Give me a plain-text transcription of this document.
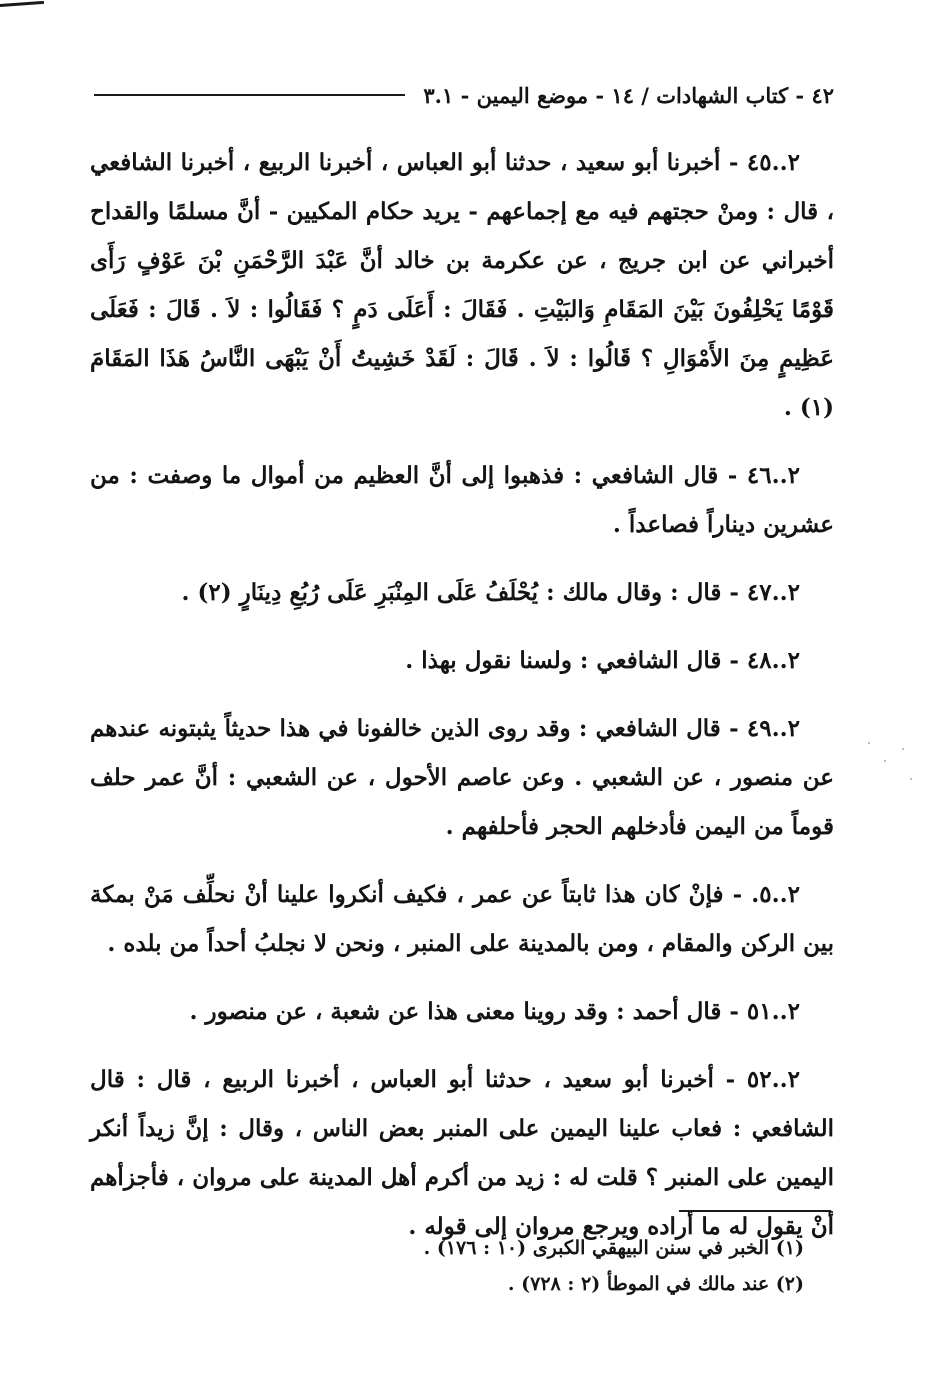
٤٢ - كتاب الشهادات / ١٤ - موضع اليمين - ٣.١

٢..٤٥ - أخبرنا أبو سعيد ، حدثنا أبو العباس ، أخبرنا الربيع ، أخبرنا الشافعي ، قال : ومنْ حجتهم فيه مع إجماعهم - يريد حكام المكيين - أنَّ مسلمًا والقداح أخبراني عن ابن جريج ، عن عكرمة بن خالد أنَّ عَبْدَ الرَّحْمَنِ بْنَ عَوْفٍ رَأَى قَوْمًا يَحْلِفُونَ بَيْنَ المَقَامِ وَالبَيْتِ . فَقَالَ : أَعَلَى دَمٍ ؟ فَقَالُوا : لاَ . قَالَ : فَعَلَى عَظِيمٍ مِنَ الأَمْوَالِ ؟ قَالُوا : لاَ . قَالَ : لَقَدْ خَشِيتُ أَنْ يَبْهَى النَّاسُ هَذَا المَقَامَ (١) .

٢..٤٦ - قال الشافعي : فذهبوا إلى أنَّ العظيم من أموال ما وصفت : من عشرين ديناراً فصاعداً .

٢..٤٧ - قال : وقال مالك : يُحْلَفُ عَلَى المِنْبَرِ عَلَى رُبُعِ دِينَارٍ (٢) .

٢..٤٨ - قال الشافعي : ولسنا نقول بهذا .

٢..٤٩ - قال الشافعي : وقد روى الذين خالفونا في هذا حديثاً يثبتونه عندهم عن منصور ، عن الشعبي . وعن عاصم الأحول ، عن الشعبي : أنَّ عمر حلف قوماً من اليمن فأدخلهم الحجر فأحلفهم .

٢..٥. - فإنْ كان هذا ثابتاً عن عمر ، فكيف أنكروا علينا أنْ نحلِّف مَنْ بمكة بين الركن والمقام ، ومن بالمدينة على المنبر ، ونحن لا نجلبُ أحداً من بلده .

٢..٥١ - قال أحمد : وقد روينا معنى هذا عن شعبة ، عن منصور .

٢..٥٢ - أخبرنا أبو سعيد ، حدثنا أبو العباس ، أخبرنا الربيع ، قال : قال الشافعي : فعاب علينا اليمين على المنبر بعض الناس ، وقال : إنَّ زيداً أنكر اليمين على المنبر ؟ قلت له : زيد من أكرم أهل المدينة على مروان ، فأجزأهم أنْ يقول له ما أراده ويرجع مروان إلى قوله .

(١) الخبر في سنن البيهقي الكبرى (١٠ : ١٧٦) .

(٢) عند مالك في الموطأ (٢ : ٧٢٨) .
